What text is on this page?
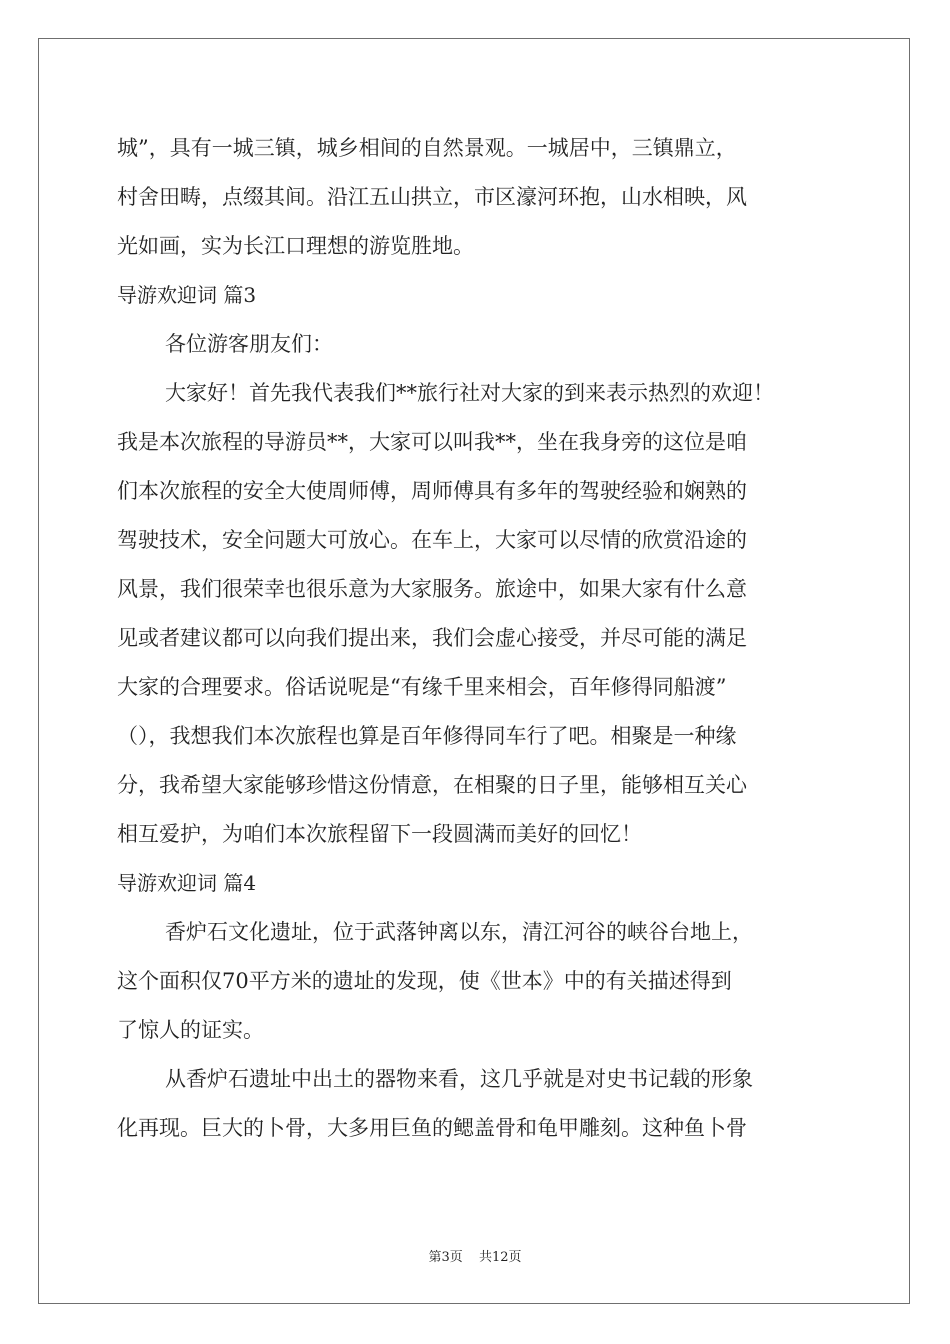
城”，具有一城三镇，城乡相间的自然景观。一城居中，三镇鼎立，
村舍田畴，点缀其间。沿江五山拱立，市区濠河环抱，山水相映，风
光如画，实为长江口理想的游览胜地。
导游欢迎词 篇3
各位游客朋友们：
大家好！首先我代表我们**旅行社对大家的到来表示热烈的欢迎！
我是本次旅程的导游员**，大家可以叫我**，坐在我身旁的这位是咱
们本次旅程的安全大使周师傅，周师傅具有多年的驾驶经验和娴熟的
驾驶技术，安全问题大可放心。在车上，大家可以尽情的欣赏沿途的
风景，我们很荣幸也很乐意为大家服务。旅途中，如果大家有什么意
见或者建议都可以向我们提出来，我们会虚心接受，并尽可能的满足
大家的合理要求。俗话说呢是“有缘千里来相会，百年修得同船渡”
（），我想我们本次旅程也算是百年修得同车行了吧。相聚是一种缘
分，我希望大家能够珍惜这份情意，在相聚的日子里，能够相互关心
相互爱护，为咱们本次旅程留下一段圆满而美好的回忆！
导游欢迎词 篇4
香炉石文化遗址，位于武落钟离以东，清江河谷的峡谷台地上，
这个面积仅70平方米的遗址的发现，使《世本》中的有关描述得到
了惊人的证实。
从香炉石遗址中出土的器物来看，这几乎就是对史书记载的形象
化再现。巨大的卜骨，大多用巨鱼的鳃盖骨和龟甲雕刻。这种鱼卜骨
第3页 共12页
